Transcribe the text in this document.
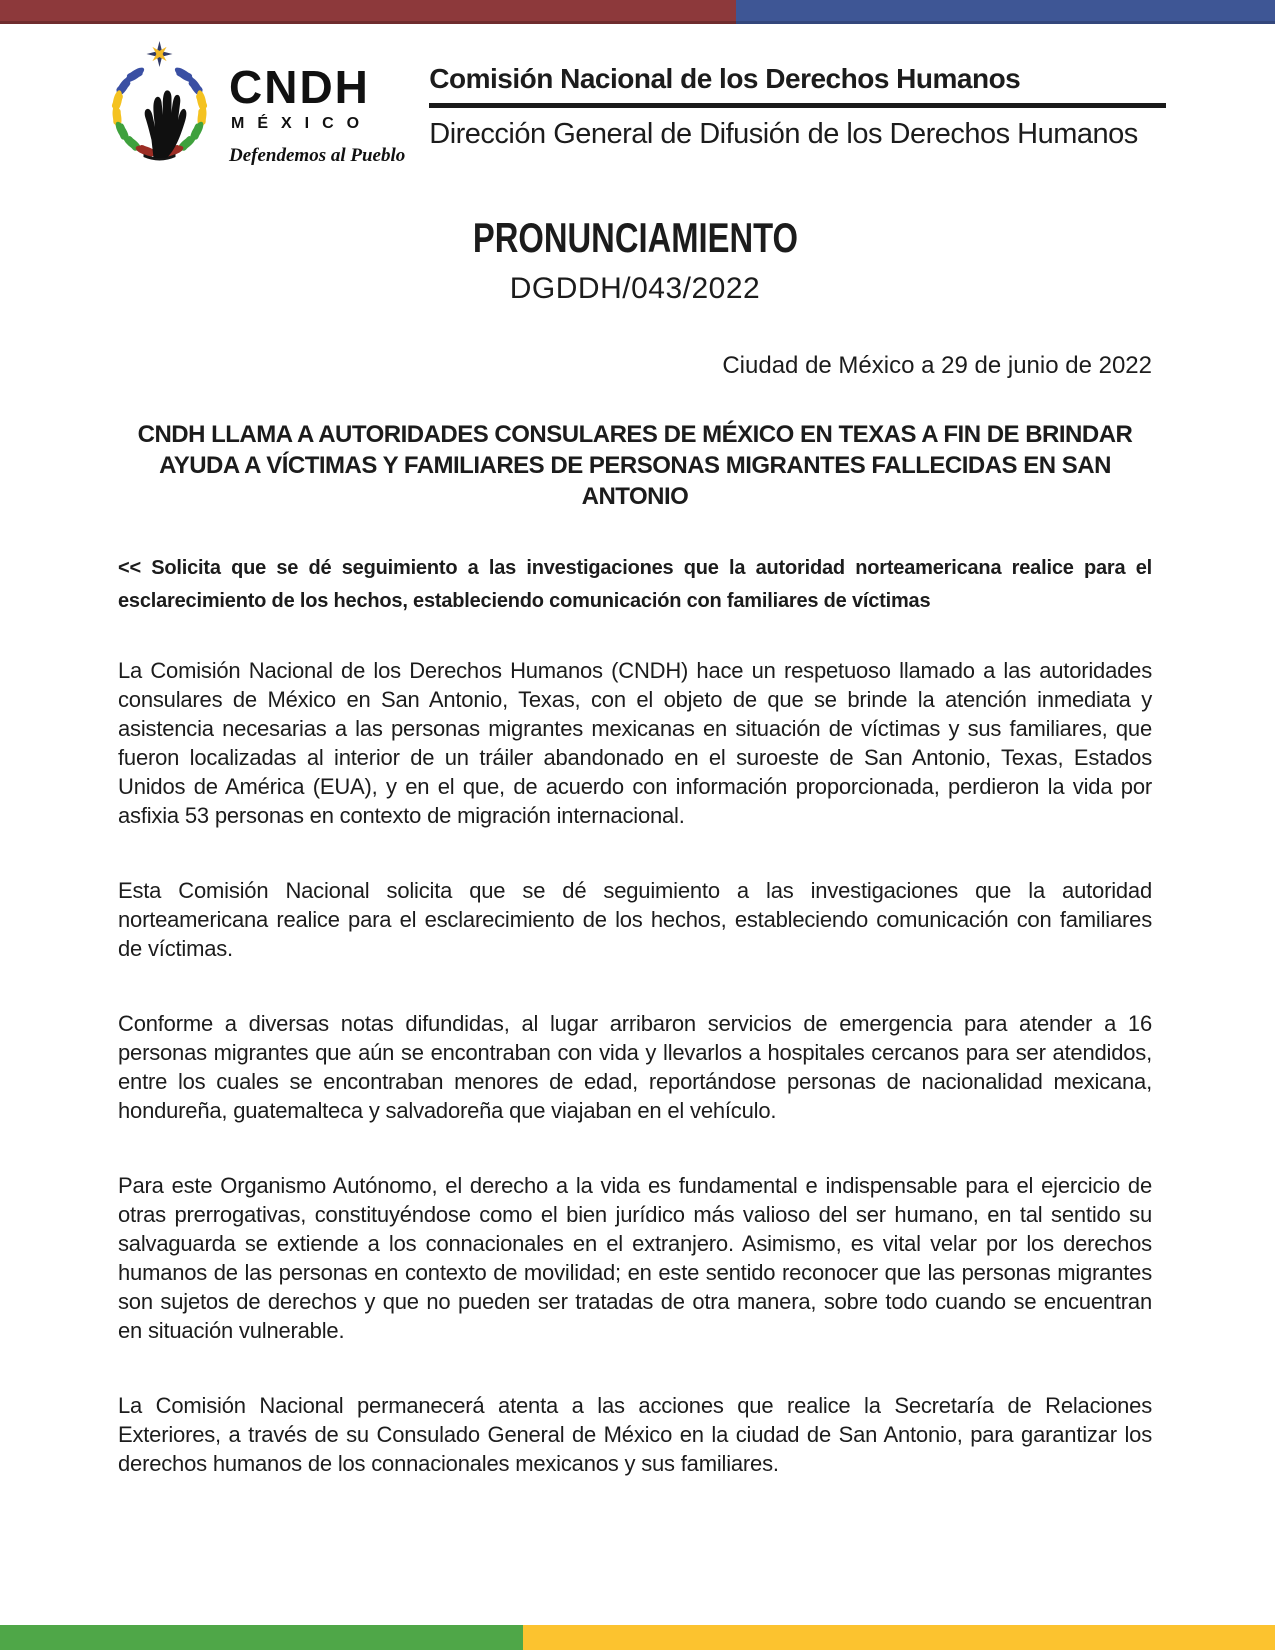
CNDH
MÉXICO
Defendemos al Pueblo
Comisión Nacional de los Derechos Humanos
Dirección General de Difusión de los Derechos Humanos
PRONUNCIAMIENTO
DGDDH/043/2022
Ciudad de México a 29 de junio de 2022
CNDH LLAMA A AUTORIDADES CONSULARES DE MÉXICO EN TEXAS A FIN DE BRINDAR AYUDA A VÍCTIMAS Y FAMILIARES DE PERSONAS MIGRANTES FALLECIDAS EN SAN ANTONIO
<< Solicita que se dé seguimiento a las investigaciones que la autoridad norteamericana realice para el esclarecimiento de los hechos, estableciendo comunicación con familiares de víctimas

La Comisión Nacional de los Derechos Humanos (CNDH) hace un respetuoso llamado a las autoridades consulares de México en San Antonio, Texas, con el objeto de que se brinde la atención inmediata y asistencia necesarias a las personas migrantes mexicanas en situación de víctimas y sus familiares, que fueron localizadas al interior de un tráiler abandonado en el suroeste de San Antonio, Texas, Estados Unidos de América (EUA), y en el que, de acuerdo con información proporcionada, perdieron la vida por asfixia 53 personas en contexto de migración internacional.

Esta Comisión Nacional solicita que se dé seguimiento a las investigaciones que la autoridad norteamericana realice para el esclarecimiento de los hechos, estableciendo comunicación con familiares de víctimas.

Conforme a diversas notas difundidas, al lugar arribaron servicios de emergencia para atender a 16 personas migrantes que aún se encontraban con vida y llevarlos a hospitales cercanos para ser atendidos, entre los cuales se encontraban menores de edad, reportándose personas de nacionalidad mexicana, hondureña, guatemalteca y salvadoreña que viajaban en el vehículo.

Para este Organismo Autónomo, el derecho a la vida es fundamental e indispensable para el ejercicio de otras prerrogativas, constituyéndose como el bien jurídico más valioso del ser humano, en tal sentido su salvaguarda se extiende a los connacionales en el extranjero. Asimismo, es vital velar por los derechos humanos de las personas en contexto de movilidad; en este sentido reconocer que las personas migrantes son sujetos de derechos y que no pueden ser tratadas de otra manera, sobre todo cuando se encuentran en situación vulnerable.

La Comisión Nacional permanecerá atenta a las acciones que realice la Secretaría de Relaciones Exteriores, a través de su Consulado General de México en la ciudad de San Antonio, para garantizar los derechos humanos de los connacionales mexicanos y sus familiares.
